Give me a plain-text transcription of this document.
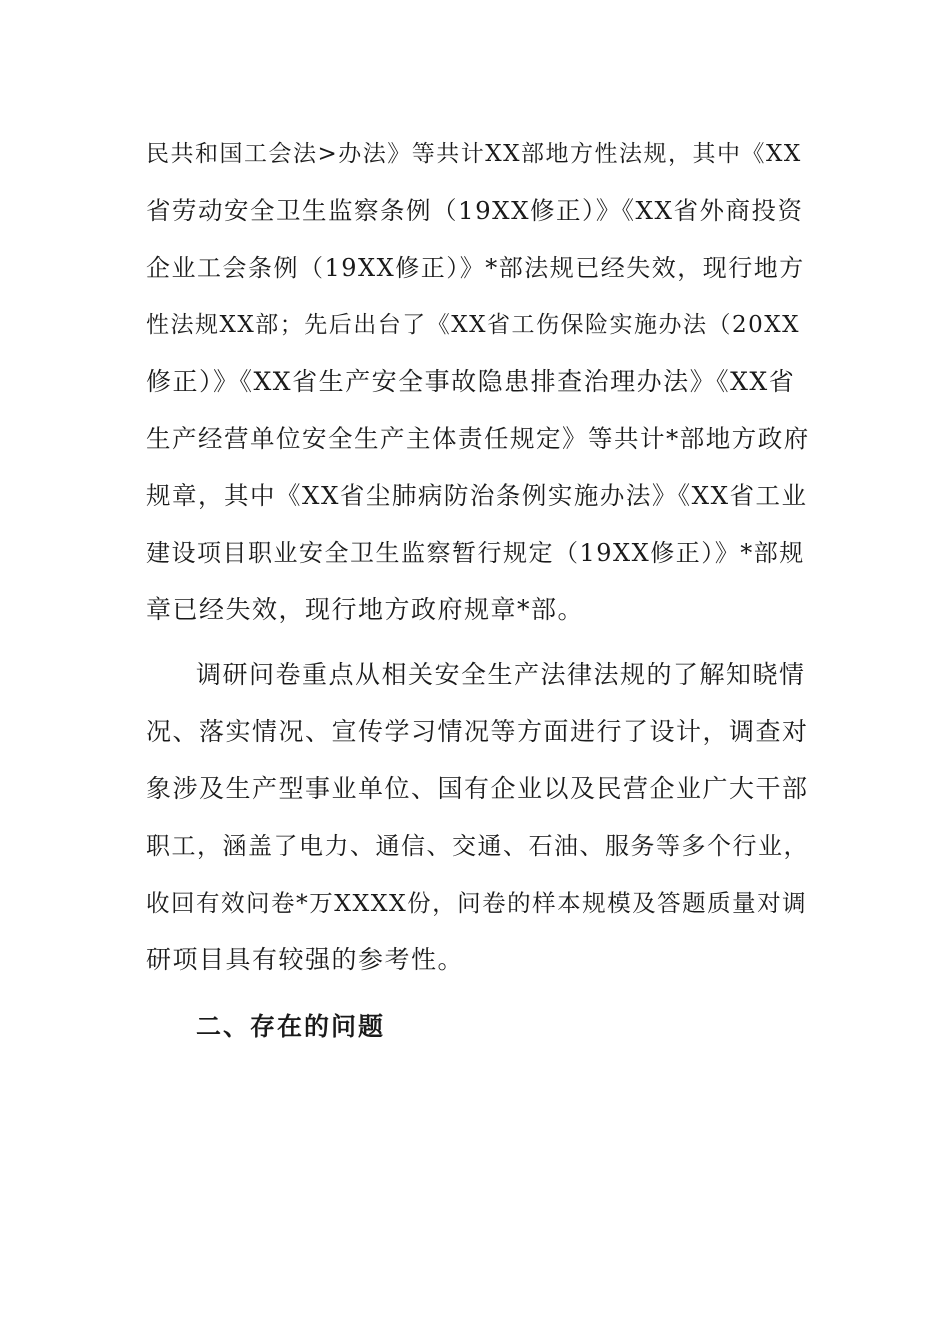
民共和国工会法>办法》等共计XX部地方性法规，其中《XX
省劳动安全卫生监察条例（19XX修正）》《XX省外商投资
企业工会条例（19XX修正）》*部法规已经失效，现行地方
性法规XX部；先后出台了《XX省工伤保险实施办法（20XX
修正）》《XX省生产安全事故隐患排查治理办法》《XX省
生产经营单位安全生产主体责任规定》等共计*部地方政府
规章，其中《XX省尘肺病防治条例实施办法》《XX省工业
建设项目职业安全卫生监察暂行规定（19XX修正）》*部规
章已经失效，现行地方政府规章*部。
调研问卷重点从相关安全生产法律法规的了解知晓情
况、落实情况、宣传学习情况等方面进行了设计，调查对
象涉及生产型事业单位、国有企业以及民营企业广大干部
职工，涵盖了电力、通信、交通、石油、服务等多个行业，
收回有效问卷*万XXXX份，问卷的样本规模及答题质量对调
研项目具有较强的参考性。
二、存在的问题
